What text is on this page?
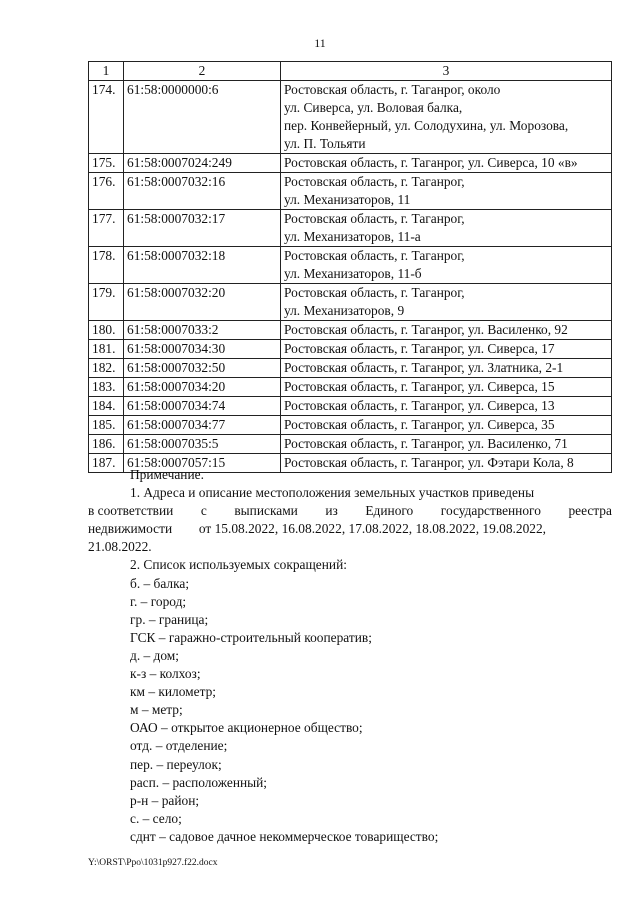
11
1	2	3
174.	61:58:0000000:6	Ростовская область, г. Таганрог, около
ул. Сиверса, ул. Воловая балка,
пер. Конвейерный, ул. Солодухина, ул. Морозова,
ул. П. Тольяти

175.	61:58:0007024:249	Ростовская область, г. Таганрог, ул. Сиверса, 10 «в»

176.	61:58:0007032:16	Ростовская область, г. Таганрог,
ул. Механизаторов, 11

177.	61:58:0007032:17	Ростовская область, г. Таганрог,
ул. Механизаторов, 11-а

178.	61:58:0007032:18	Ростовская область, г. Таганрог,
ул. Механизаторов, 11-б

179.	61:58:0007032:20	Ростовская область, г. Таганрог,
ул. Механизаторов, 9

180.	61:58:0007033:2	Ростовская область, г. Таганрог, ул. Василенко, 92

181.	61:58:0007034:30	Ростовская область, г. Таганрог, ул. Сиверса, 17

182.	61:58:0007032:50	Ростовская область, г. Таганрог, ул. Златника, 2-1

183.	61:58:0007034:20	Ростовская область, г. Таганрог, ул. Сиверса, 15

184.	61:58:0007034:74	Ростовская область, г. Таганрог, ул. Сиверса, 13

185.	61:58:0007034:77	Ростовская область, г. Таганрог, ул. Сиверса, 35

186.	61:58:0007035:5	Ростовская область, г. Таганрог, ул. Василенко, 71

187.	61:58:0007057:15	Ростовская область, г. Таганрог, ул. Фэтари Кола, 8

Примечание.

1. Адреса и описание местоположения земельных участков приведены

в соответствии с выписками из Единого государственного реестра

недвижимости        от 15.08.2022, 16.08.2022, 17.08.2022, 18.08.2022, 19.08.2022,

21.08.2022.

2. Список используемых сокращений:

б. – балка;

г. – город;

гр. – граница;

ГСК – гаражно-строительный кооператив;

д. – дом;

к-з – колхоз;

км – километр;

м – метр;

ОАО – открытое акционерное общество;

отд. – отделение;

пер. – переулок;

расп. – расположенный;

р-н – район;

с. – село;

сднт – садовое дачное некоммерческое товарищество;

Y:\ORST\Ppo\1031p927.f22.docx
